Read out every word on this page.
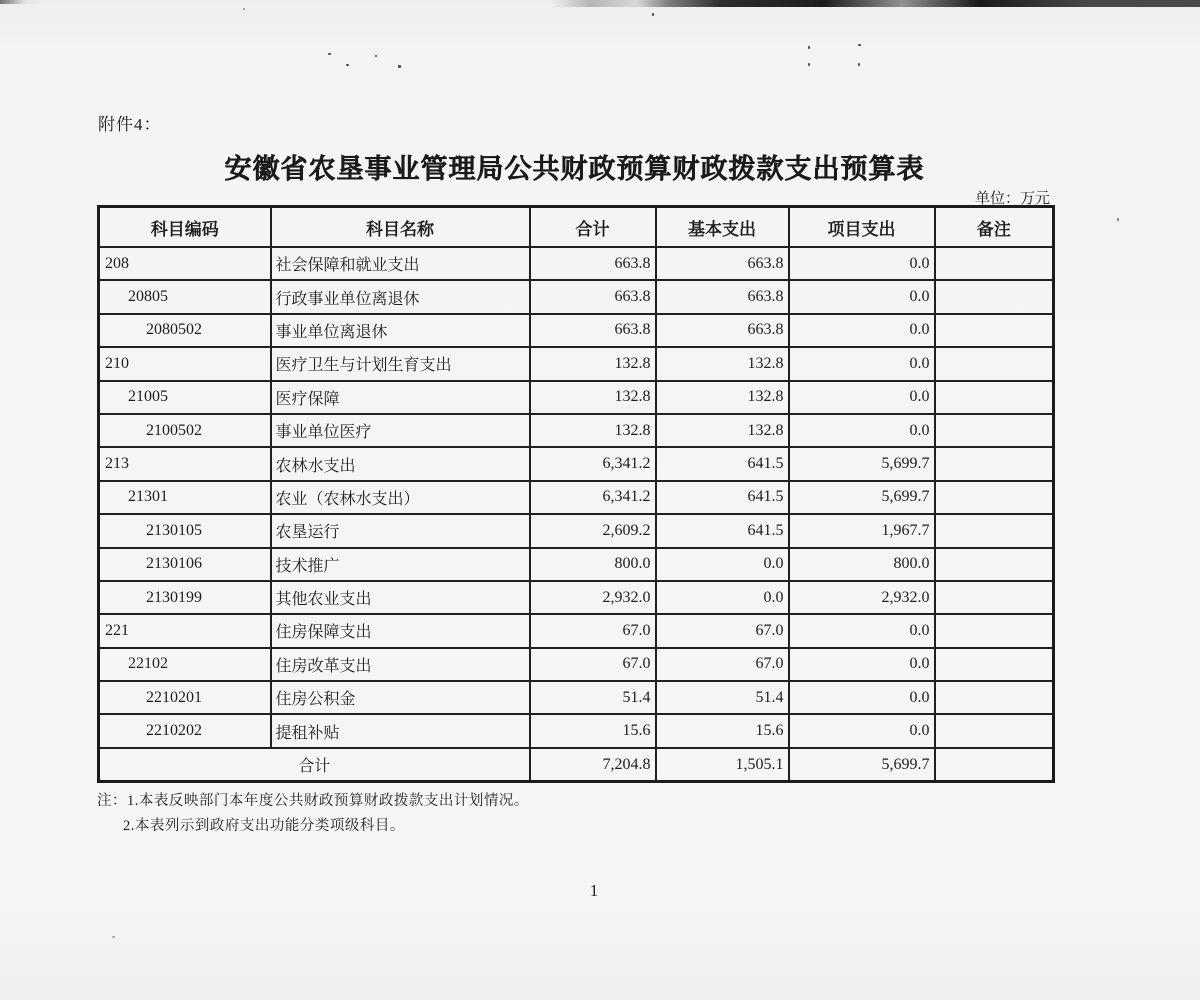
附件4：
安徽省农垦事业管理局公共财政预算财政拨款支出预算表
单位：万元
科目编码	科目名称	合计	基本支出	项目支出	备注
208	社会保障和就业支出	663.8	663.8	0.0	
20805	行政事业单位离退休	663.8	663.8	0.0	
2080502	事业单位离退休	663.8	663.8	0.0	
210	医疗卫生与计划生育支出	132.8	132.8	0.0	
21005	医疗保障	132.8	132.8	0.0	
2100502	事业单位医疗	132.8	132.8	0.0	
213	农林水支出	6,341.2	641.5	5,699.7	
21301	农业（农林水支出）	6,341.2	641.5	5,699.7	
2130105	农垦运行	2,609.2	641.5	1,967.7	
2130106	技术推广	800.0	0.0	800.0	
2130199	其他农业支出	2,932.0	0.0	2,932.0	
221	住房保障支出	67.0	67.0	0.0	
22102	住房改革支出	67.0	67.0	0.0	
2210201	住房公积金	51.4	51.4	0.0	
2210202	提租补贴	15.6	15.6	0.0	
合计		7,204.8	1,505.1	5,699.7	
注：1.本表反映部门本年度公共财政预算财政拨款支出计划情况。
2.本表列示到政府支出功能分类项级科目。
1
